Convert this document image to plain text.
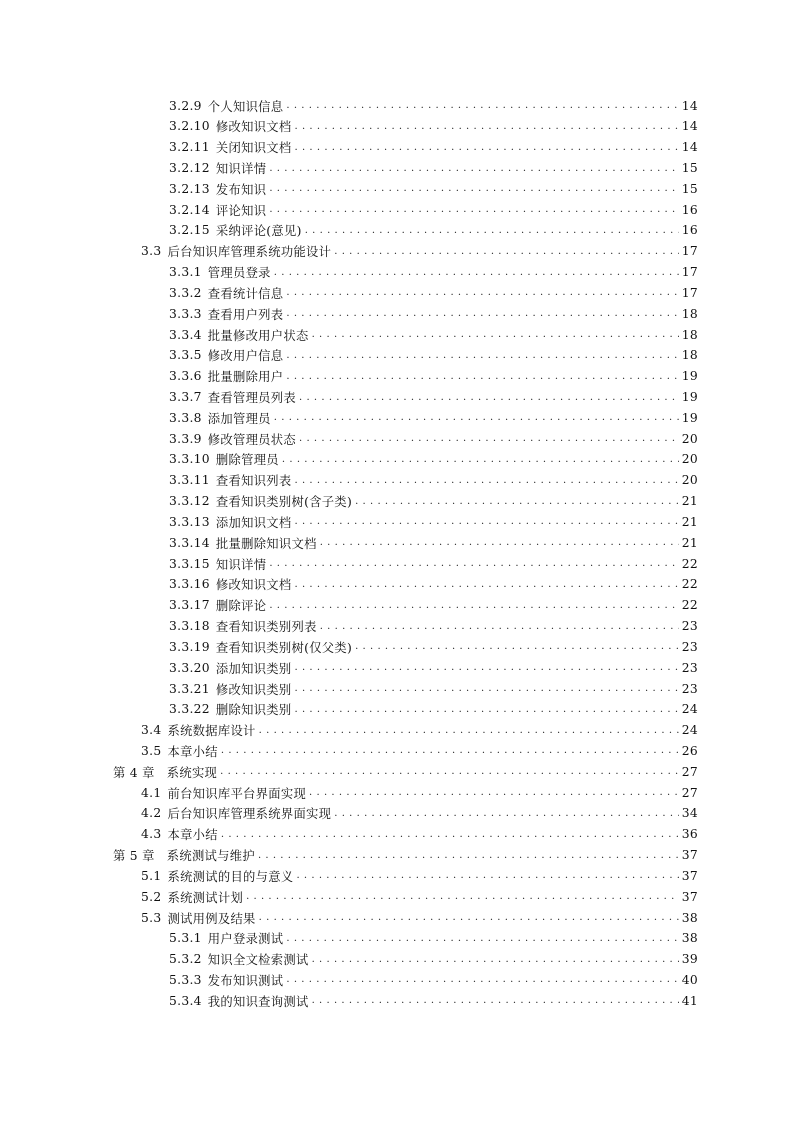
3.2.9 个人知识信息 . . .	14
3.2.10 修改知识文档 . . .	14
3.2.11 关闭知识文档 . . .	14
3.2.12 知识详情 . . .	15
3.2.13 发布知识 . . .	15
3.2.14 评论知识 . . .	16
3.2.15 采纳评论(意见) . . .	16
3.3 后台知识库管理系统功能设计 . . .	17
3.3.1 管理员登录 . . .	17
3.3.2 查看统计信息 . . .	17
3.3.3 查看用户列表 . . .	18
3.3.4 批量修改用户状态 . . .	18
3.3.5 修改用户信息 . . .	18
3.3.6 批量删除用户 . . .	19
3.3.7 查看管理员列表 . . .	19
3.3.8 添加管理员 . . .	19
3.3.9 修改管理员状态 . . .	20
3.3.10 删除管理员 . . .	20
3.3.11 查看知识列表 . . .	20
3.3.12 查看知识类别树(含子类) . . .	21
3.3.13 添加知识文档 . . .	21
3.3.14 批量删除知识文档 . . .	21
3.3.15 知识详情 . . .	22
3.3.16 修改知识文档 . . .	22
3.3.17 删除评论 . . .	22
3.3.18 查看知识类别列表 . . .	23
3.3.19 查看知识类别树(仅父类) . . .	23
3.3.20 添加知识类别 . . .	23
3.3.21 修改知识类别 . . .	23
3.3.22 删除知识类别 . . .	24
3.4 系统数据库设计 . . .	24
3.5 本章小结 . . .	26
第 4 章 系统实现 . . .	27
4.1 前台知识库平台界面实现 . . .	27
4.2 后台知识库管理系统界面实现 . . .	34
4.3 本章小结 . . .	36
第 5 章 系统测试与维护 . . .	37
5.1 系统测试的目的与意义 . . .	37
5.2 系统测试计划 . . .	37
5.3 测试用例及结果 . . .	38
5.3.1 用户登录测试 . . .	38
5.3.2 知识全文检索测试 . . .	39
5.3.3 发布知识测试 . . .	40
5.3.4 我的知识查询测试 . . .	41
